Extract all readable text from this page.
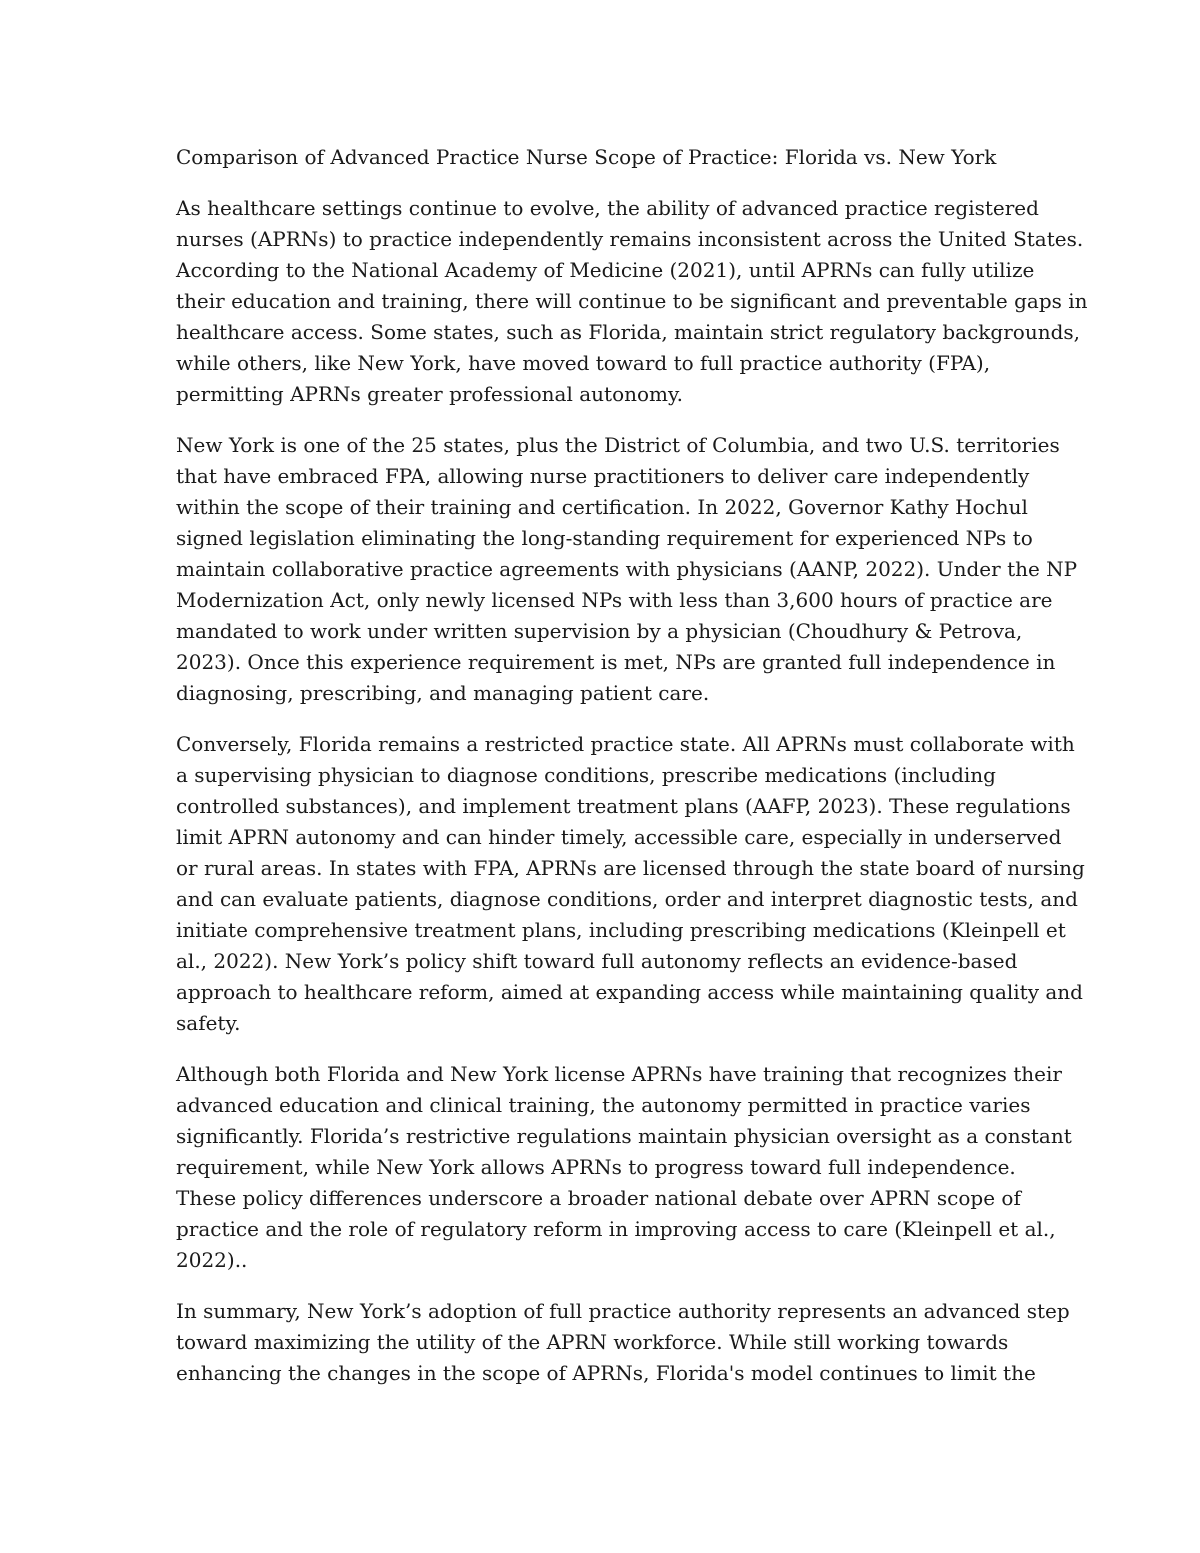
Comparison of Advanced Practice Nurse Scope of Practice: Florida vs. New York

As healthcare settings continue to evolve, the ability of advanced practice registered
nurses (APRNs) to practice independently remains inconsistent across the United States.
According to the National Academy of Medicine (2021), until APRNs can fully utilize
their education and training, there will continue to be significant and preventable gaps in
healthcare access. Some states, such as Florida, maintain strict regulatory backgrounds,
while others, like New York, have moved toward to full practice authority (FPA),
permitting APRNs greater professional autonomy.
New York is one of the 25 states, plus the District of Columbia, and two U.S. territories
that have embraced FPA, allowing nurse practitioners to deliver care independently
within the scope of their training and certification. In 2022, Governor Kathy Hochul
signed legislation eliminating the long-standing requirement for experienced NPs to
maintain collaborative practice agreements with physicians (AANP, 2022). Under the NP
Modernization Act, only newly licensed NPs with less than 3,600 hours of practice are
mandated to work under written supervision by a physician (Choudhury & Petrova,
2023). Once this experience requirement is met, NPs are granted full independence in
diagnosing, prescribing, and managing patient care.
Conversely, Florida remains a restricted practice state. All APRNs must collaborate with
a supervising physician to diagnose conditions, prescribe medications (including
controlled substances), and implement treatment plans (AAFP, 2023). These regulations
limit APRN autonomy and can hinder timely, accessible care, especially in underserved
or rural areas. In states with FPA, APRNs are licensed through the state board of nursing
and can evaluate patients, diagnose conditions, order and interpret diagnostic tests, and
initiate comprehensive treatment plans, including prescribing medications (Kleinpell et
al., 2022). New York’s policy shift toward full autonomy reflects an evidence-based
approach to healthcare reform, aimed at expanding access while maintaining quality and
safety.
Although both Florida and New York license APRNs have training that recognizes their
advanced education and clinical training, the autonomy permitted in practice varies
significantly. Florida’s restrictive regulations maintain physician oversight as a constant
requirement, while New York allows APRNs to progress toward full independence.
These policy differences underscore a broader national debate over APRN scope of
practice and the role of regulatory reform in improving access to care (Kleinpell et al.,
2022)..
In summary, New York’s adoption of full practice authority represents an advanced step
toward maximizing the utility of the APRN workforce. While still working towards
enhancing the changes in the scope of APRNs, Florida's model continues to limit the
